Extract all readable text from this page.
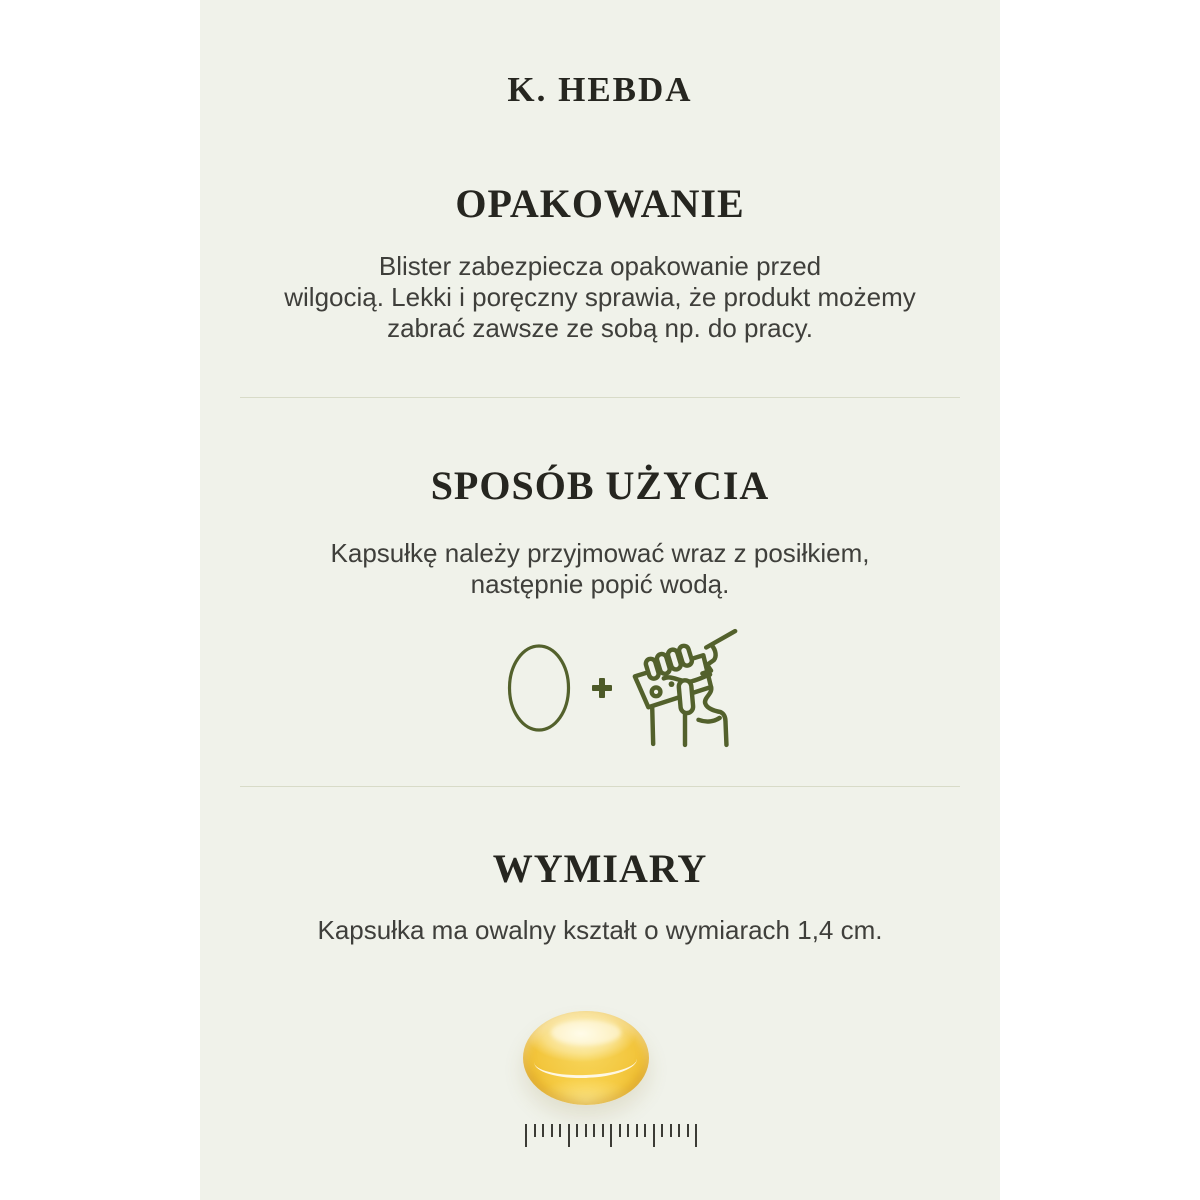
K. HEBDA
OPAKOWANIE
Blister zabezpiecza opakowanie przed
wilgocią. Lekki i poręczny sprawia, że produkt możemy
zabrać zawsze ze sobą np. do pracy.
SPOSÓB UŻYCIA
Kapsułkę należy przyjmować wraz z posiłkiem,
następnie popić wodą.
WYMIARY
Kapsułka ma owalny kształt o wymiarach 1,4 cm.
